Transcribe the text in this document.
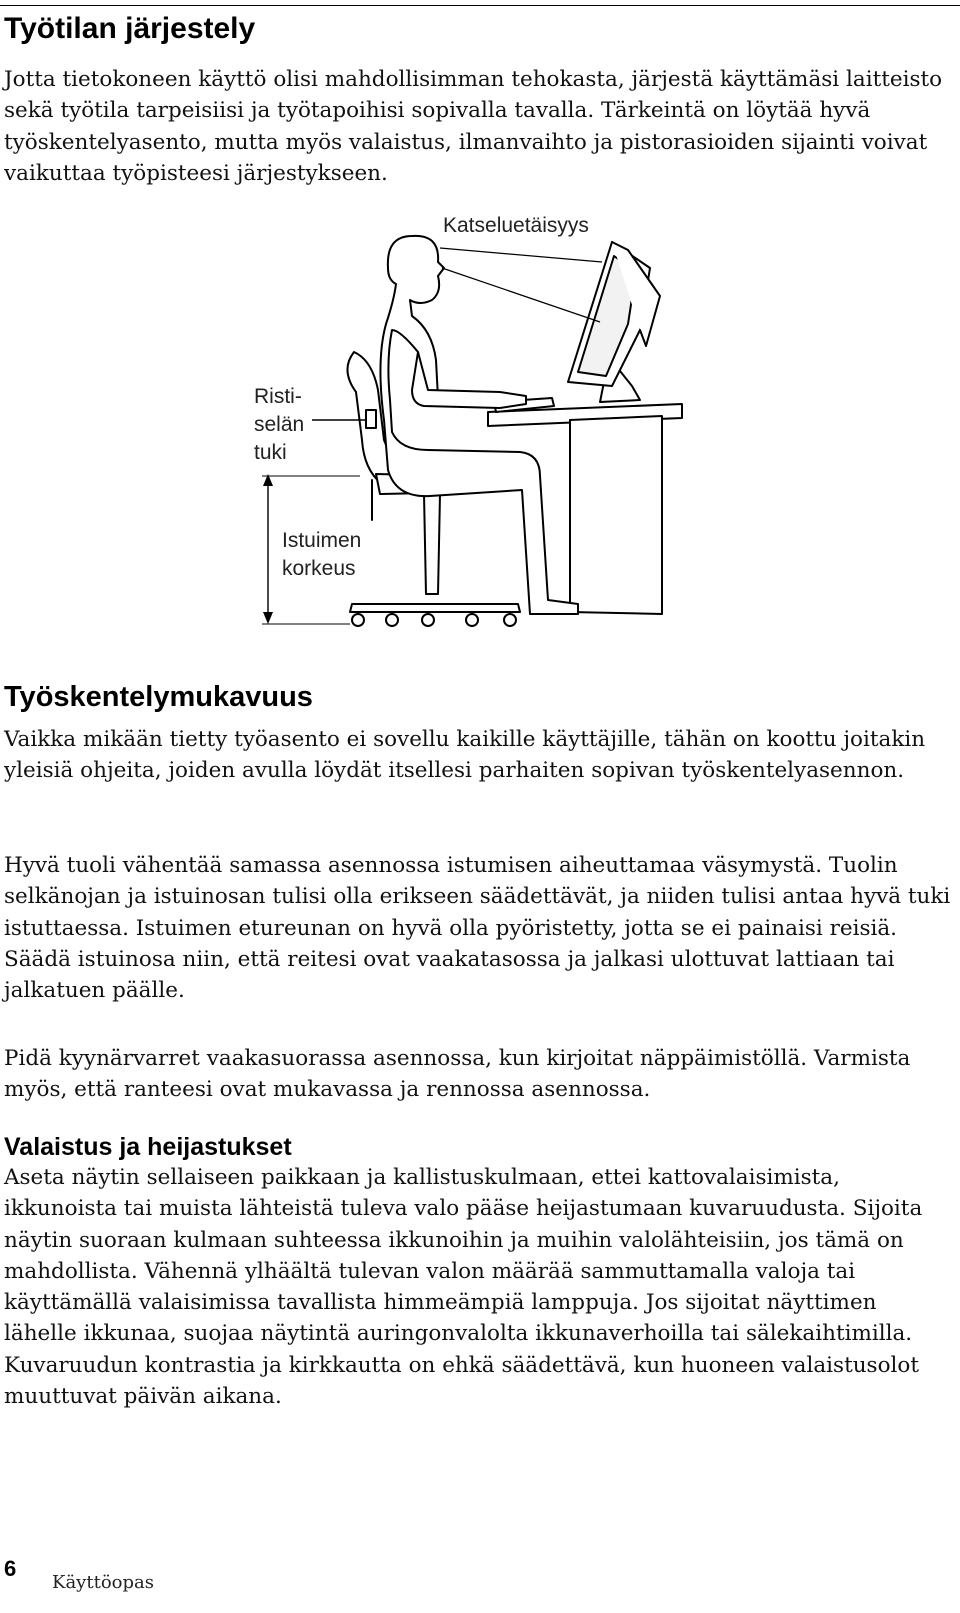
Työtilan järjestely

Jotta tietokoneen käyttö olisi mahdollisimman tehokasta, järjestä käyttämäsi laitteisto sekä työtila tarpeisiisi ja työtapoihisi sopivalla tavalla. Tärkeintä on löytää hyvä työskentelyasento, mutta myös valaistus, ilmanvaihto ja pistorasioiden sijainti voivat vaikuttaa työpisteesi järjestykseen.

Katseluetäisyys
Risti-
selän
tuki
Istuimen
korkeus
Työskentelymukavuus

Vaikka mikään tietty työasento ei sovellu kaikille käyttäjille, tähän on koottu joitakin yleisiä ohjeita, joiden avulla löydät itsellesi parhaiten sopivan työskentelyasennon.

Hyvä tuoli vähentää samassa asennossa istumisen aiheuttamaa väsymystä. Tuolin selkänojan ja istuinosan tulisi olla erikseen säädettävät, ja niiden tulisi antaa hyvä tuki istuttaessa. Istuimen etureunan on hyvä olla pyöristetty, jotta se ei painaisi reisiä. Säädä istuinosa niin, että reitesi ovat vaakatasossa ja jalkasi ulottuvat lattiaan tai jalkatuen päälle.

Pidä kyynärvarret vaakasuorassa asennossa, kun kirjoitat näppäimistöllä. Varmista myös, että ranteesi ovat mukavassa ja rennossa asennossa.

Valaistus ja heijastukset

Aseta näytin sellaiseen paikkaan ja kallistuskulmaan, ettei kattovalaisimista, ikkunoista tai muista lähteistä tuleva valo pääse heijastumaan kuvaruudusta. Sijoita näytin suoraan kulmaan suhteessa ikkunoihin ja muihin valolähteisiin, jos tämä on mahdollista. Vähennä ylhäältä tulevan valon määrää sammuttamalla valoja tai käyttämällä valaisimissa tavallista himmeämpiä lamppuja. Jos sijoitat näyttimen lähelle ikkunaa, suojaa näytintä auringonvalolta ikkunaverhoilla tai sälekaihtimilla. Kuvaruudun kontrastia ja kirkkautta on ehkä säädettävä, kun huoneen valaistusolot muuttuvat päivän aikana.

6
Käyttöopas
